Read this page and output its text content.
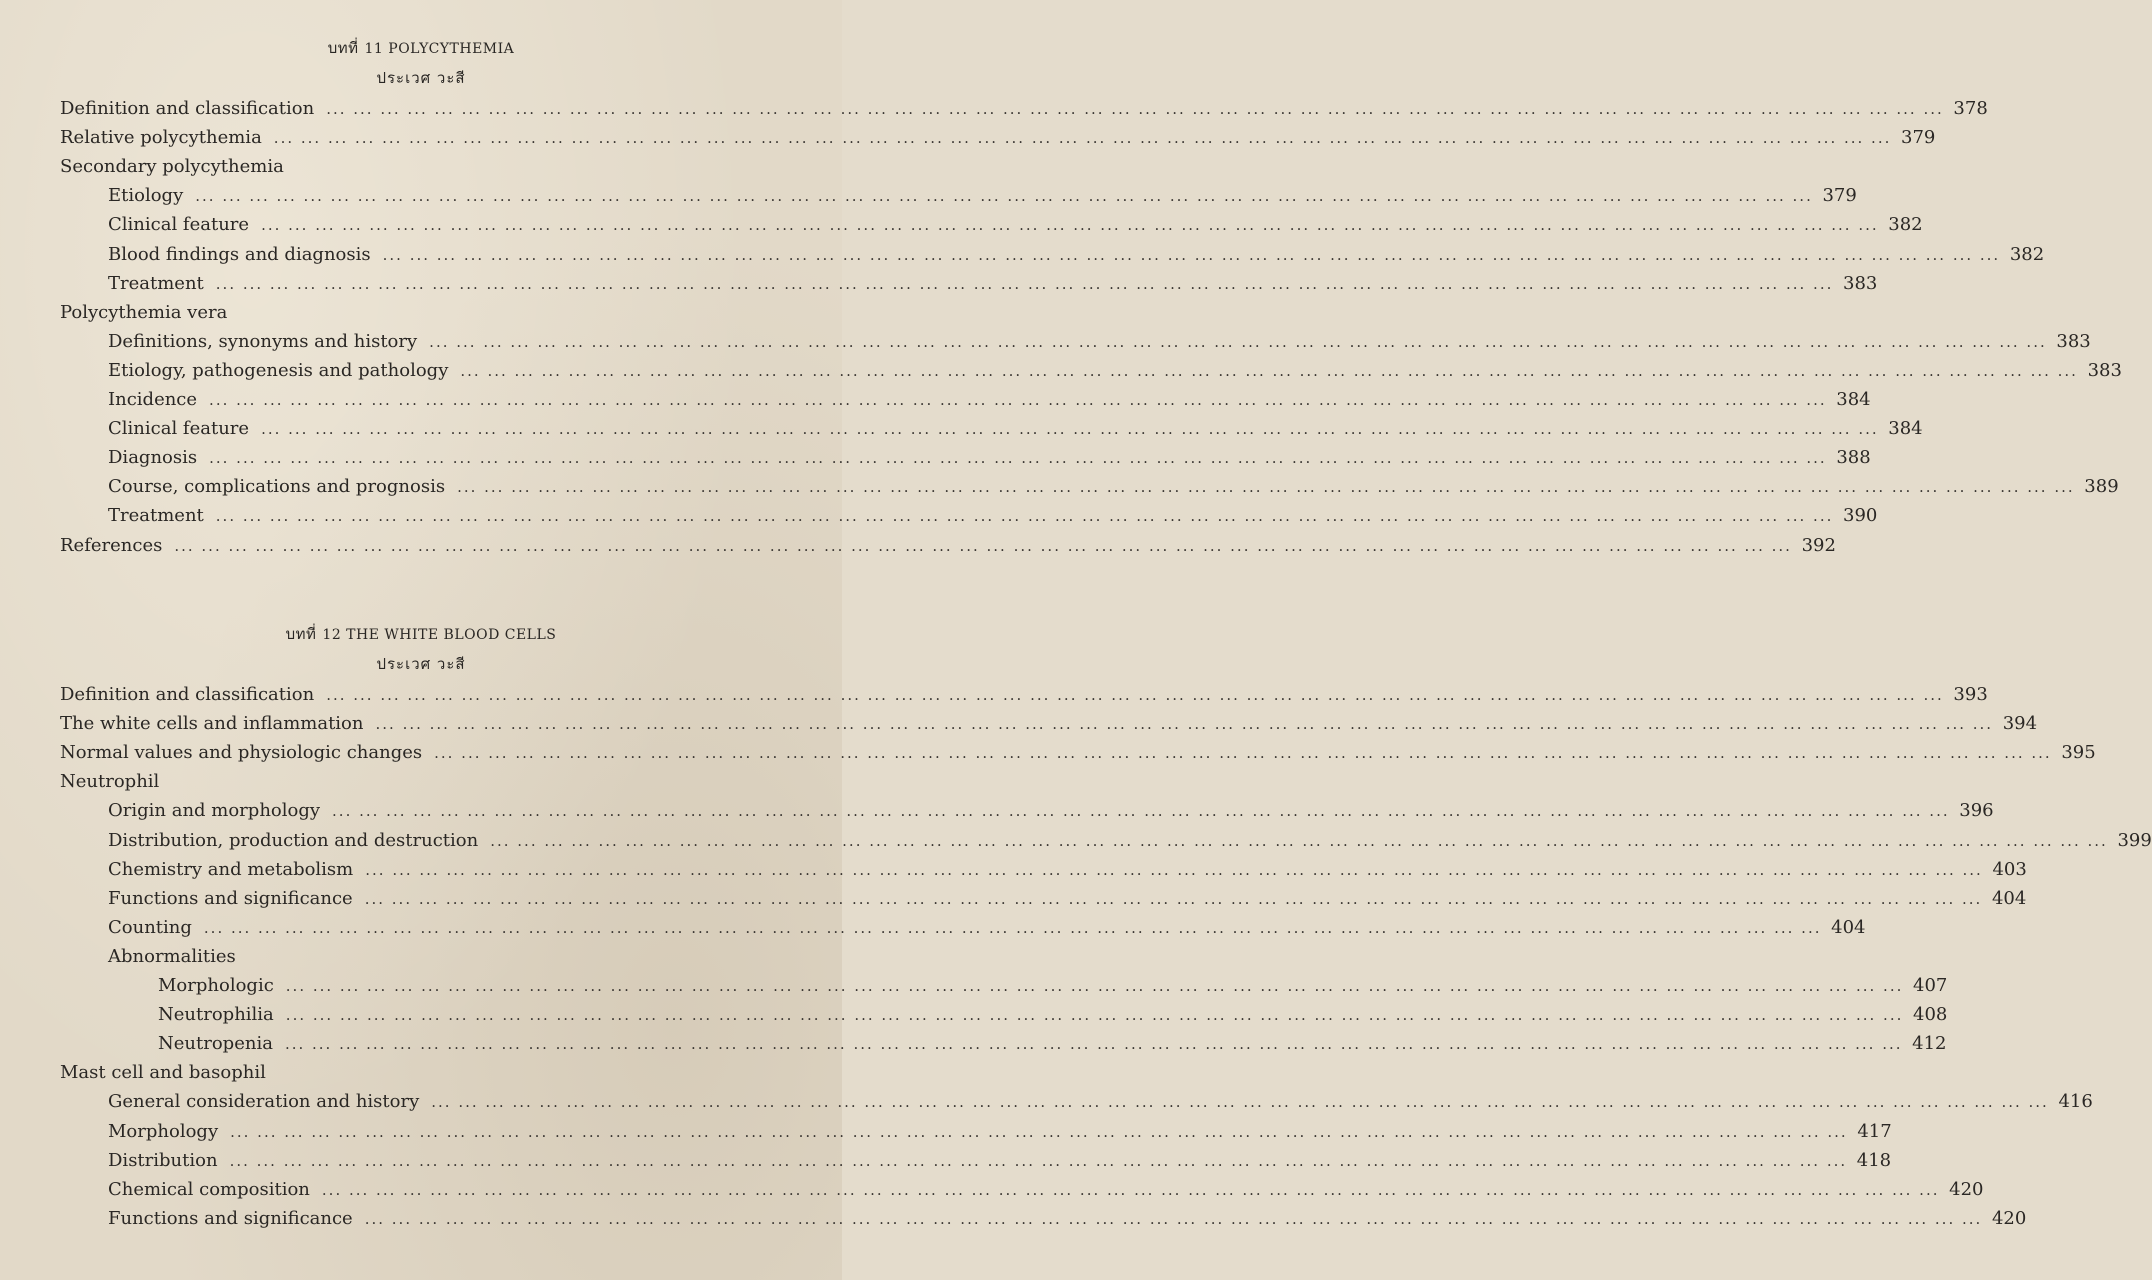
บทที่ 11 POLYCYTHEMIA
ประเวศ วะสี
Definition and classification ... ... ... ... ... ... ... ... ... ... ... ... ... ... ... ... ... ... ... ... ... ... ... ... ... ... ... ... ... ... ... ... ... ... ... ... ... ... ... ... ... ... ... ... ... ... ... ... ... ... ... ... ... ... ... ... ... ... ... ... 378
Relative polycythemia ... ... ... ... ... ... ... ... ... ... ... ... ... ... ... ... ... ... ... ... ... ... ... ... ... ... ... ... ... ... ... ... ... ... ... ... ... ... ... ... ... ... ... ... ... ... ... ... ... ... ... ... ... ... ... ... ... ... ... ... 379
Secondary polycythemia
Etiology ... ... ... ... ... ... ... ... ... ... ... ... ... ... ... ... ... ... ... ... ... ... ... ... ... ... ... ... ... ... ... ... ... ... ... ... ... ... ... ... ... ... ... ... ... ... ... ... ... ... ... ... ... ... ... ... ... ... ... ... 379
Clinical feature ... ... ... ... ... ... ... ... ... ... ... ... ... ... ... ... ... ... ... ... ... ... ... ... ... ... ... ... ... ... ... ... ... ... ... ... ... ... ... ... ... ... ... ... ... ... ... ... ... ... ... ... ... ... ... ... ... ... ... ... 382
Blood findings and diagnosis ... ... ... ... ... ... ... ... ... ... ... ... ... ... ... ... ... ... ... ... ... ... ... ... ... ... ... ... ... ... ... ... ... ... ... ... ... ... ... ... ... ... ... ... ... ... ... ... ... ... ... ... ... ... ... ... ... ... ... ... 382
Treatment ... ... ... ... ... ... ... ... ... ... ... ... ... ... ... ... ... ... ... ... ... ... ... ... ... ... ... ... ... ... ... ... ... ... ... ... ... ... ... ... ... ... ... ... ... ... ... ... ... ... ... ... ... ... ... ... ... ... ... ... 383
Polycythemia vera
Definitions, synonyms and history ... ... ... ... ... ... ... ... ... ... ... ... ... ... ... ... ... ... ... ... ... ... ... ... ... ... ... ... ... ... ... ... ... ... ... ... ... ... ... ... ... ... ... ... ... ... ... ... ... ... ... ... ... ... ... ... ... ... ... ... 383
Etiology, pathogenesis and pathology ... ... ... ... ... ... ... ... ... ... ... ... ... ... ... ... ... ... ... ... ... ... ... ... ... ... ... ... ... ... ... ... ... ... ... ... ... ... ... ... ... ... ... ... ... ... ... ... ... ... ... ... ... ... ... ... ... ... ... ... 383
Incidence ... ... ... ... ... ... ... ... ... ... ... ... ... ... ... ... ... ... ... ... ... ... ... ... ... ... ... ... ... ... ... ... ... ... ... ... ... ... ... ... ... ... ... ... ... ... ... ... ... ... ... ... ... ... ... ... ... ... ... ... 384
Clinical feature ... ... ... ... ... ... ... ... ... ... ... ... ... ... ... ... ... ... ... ... ... ... ... ... ... ... ... ... ... ... ... ... ... ... ... ... ... ... ... ... ... ... ... ... ... ... ... ... ... ... ... ... ... ... ... ... ... ... ... ... 384
Diagnosis ... ... ... ... ... ... ... ... ... ... ... ... ... ... ... ... ... ... ... ... ... ... ... ... ... ... ... ... ... ... ... ... ... ... ... ... ... ... ... ... ... ... ... ... ... ... ... ... ... ... ... ... ... ... ... ... ... ... ... ... 388
Course, complications and prognosis ... ... ... ... ... ... ... ... ... ... ... ... ... ... ... ... ... ... ... ... ... ... ... ... ... ... ... ... ... ... ... ... ... ... ... ... ... ... ... ... ... ... ... ... ... ... ... ... ... ... ... ... ... ... ... ... ... ... ... ... 389
Treatment ... ... ... ... ... ... ... ... ... ... ... ... ... ... ... ... ... ... ... ... ... ... ... ... ... ... ... ... ... ... ... ... ... ... ... ... ... ... ... ... ... ... ... ... ... ... ... ... ... ... ... ... ... ... ... ... ... ... ... ... 390
References ... ... ... ... ... ... ... ... ... ... ... ... ... ... ... ... ... ... ... ... ... ... ... ... ... ... ... ... ... ... ... ... ... ... ... ... ... ... ... ... ... ... ... ... ... ... ... ... ... ... ... ... ... ... ... ... ... ... ... ... 392
บทที่ 12 THE WHITE BLOOD CELLS
ประเวศ วะสี
Definition and classification ... ... ... ... ... ... ... ... ... ... ... ... ... ... ... ... ... ... ... ... ... ... ... ... ... ... ... ... ... ... ... ... ... ... ... ... ... ... ... ... ... ... ... ... ... ... ... ... ... ... ... ... ... ... ... ... ... ... ... ... 393
The white cells and inflammation ... ... ... ... ... ... ... ... ... ... ... ... ... ... ... ... ... ... ... ... ... ... ... ... ... ... ... ... ... ... ... ... ... ... ... ... ... ... ... ... ... ... ... ... ... ... ... ... ... ... ... ... ... ... ... ... ... ... ... ... 394
Normal values and physiologic changes ... ... ... ... ... ... ... ... ... ... ... ... ... ... ... ... ... ... ... ... ... ... ... ... ... ... ... ... ... ... ... ... ... ... ... ... ... ... ... ... ... ... ... ... ... ... ... ... ... ... ... ... ... ... ... ... ... ... ... ... 395
Neutrophil
Origin and morphology ... ... ... ... ... ... ... ... ... ... ... ... ... ... ... ... ... ... ... ... ... ... ... ... ... ... ... ... ... ... ... ... ... ... ... ... ... ... ... ... ... ... ... ... ... ... ... ... ... ... ... ... ... ... ... ... ... ... ... ... 396
Distribution, production and destruction ... ... ... ... ... ... ... ... ... ... ... ... ... ... ... ... ... ... ... ... ... ... ... ... ... ... ... ... ... ... ... ... ... ... ... ... ... ... ... ... ... ... ... ... ... ... ... ... ... ... ... ... ... ... ... ... ... ... ... ... 399
Chemistry and metabolism ... ... ... ... ... ... ... ... ... ... ... ... ... ... ... ... ... ... ... ... ... ... ... ... ... ... ... ... ... ... ... ... ... ... ... ... ... ... ... ... ... ... ... ... ... ... ... ... ... ... ... ... ... ... ... ... ... ... ... ... 403
Functions and significance ... ... ... ... ... ... ... ... ... ... ... ... ... ... ... ... ... ... ... ... ... ... ... ... ... ... ... ... ... ... ... ... ... ... ... ... ... ... ... ... ... ... ... ... ... ... ... ... ... ... ... ... ... ... ... ... ... ... ... ... 404
Counting ... ... ... ... ... ... ... ... ... ... ... ... ... ... ... ... ... ... ... ... ... ... ... ... ... ... ... ... ... ... ... ... ... ... ... ... ... ... ... ... ... ... ... ... ... ... ... ... ... ... ... ... ... ... ... ... ... ... ... ... 404
Abnormalities
Morphologic ... ... ... ... ... ... ... ... ... ... ... ... ... ... ... ... ... ... ... ... ... ... ... ... ... ... ... ... ... ... ... ... ... ... ... ... ... ... ... ... ... ... ... ... ... ... ... ... ... ... ... ... ... ... ... ... ... ... ... ... 407
Neutrophilia ... ... ... ... ... ... ... ... ... ... ... ... ... ... ... ... ... ... ... ... ... ... ... ... ... ... ... ... ... ... ... ... ... ... ... ... ... ... ... ... ... ... ... ... ... ... ... ... ... ... ... ... ... ... ... ... ... ... ... ... 408
Neutropenia ... ... ... ... ... ... ... ... ... ... ... ... ... ... ... ... ... ... ... ... ... ... ... ... ... ... ... ... ... ... ... ... ... ... ... ... ... ... ... ... ... ... ... ... ... ... ... ... ... ... ... ... ... ... ... ... ... ... ... ... 412
Mast cell and basophil
General consideration and history ... ... ... ... ... ... ... ... ... ... ... ... ... ... ... ... ... ... ... ... ... ... ... ... ... ... ... ... ... ... ... ... ... ... ... ... ... ... ... ... ... ... ... ... ... ... ... ... ... ... ... ... ... ... ... ... ... ... ... ... 416
Morphology ... ... ... ... ... ... ... ... ... ... ... ... ... ... ... ... ... ... ... ... ... ... ... ... ... ... ... ... ... ... ... ... ... ... ... ... ... ... ... ... ... ... ... ... ... ... ... ... ... ... ... ... ... ... ... ... ... ... ... ... 417
Distribution ... ... ... ... ... ... ... ... ... ... ... ... ... ... ... ... ... ... ... ... ... ... ... ... ... ... ... ... ... ... ... ... ... ... ... ... ... ... ... ... ... ... ... ... ... ... ... ... ... ... ... ... ... ... ... ... ... ... ... ... 418
Chemical composition ... ... ... ... ... ... ... ... ... ... ... ... ... ... ... ... ... ... ... ... ... ... ... ... ... ... ... ... ... ... ... ... ... ... ... ... ... ... ... ... ... ... ... ... ... ... ... ... ... ... ... ... ... ... ... ... ... ... ... ... 420
Functions and significance ... ... ... ... ... ... ... ... ... ... ... ... ... ... ... ... ... ... ... ... ... ... ... ... ... ... ... ... ... ... ... ... ... ... ... ... ... ... ... ... ... ... ... ... ... ... ... ... ... ... ... ... ... ... ... ... ... ... ... ... 420
